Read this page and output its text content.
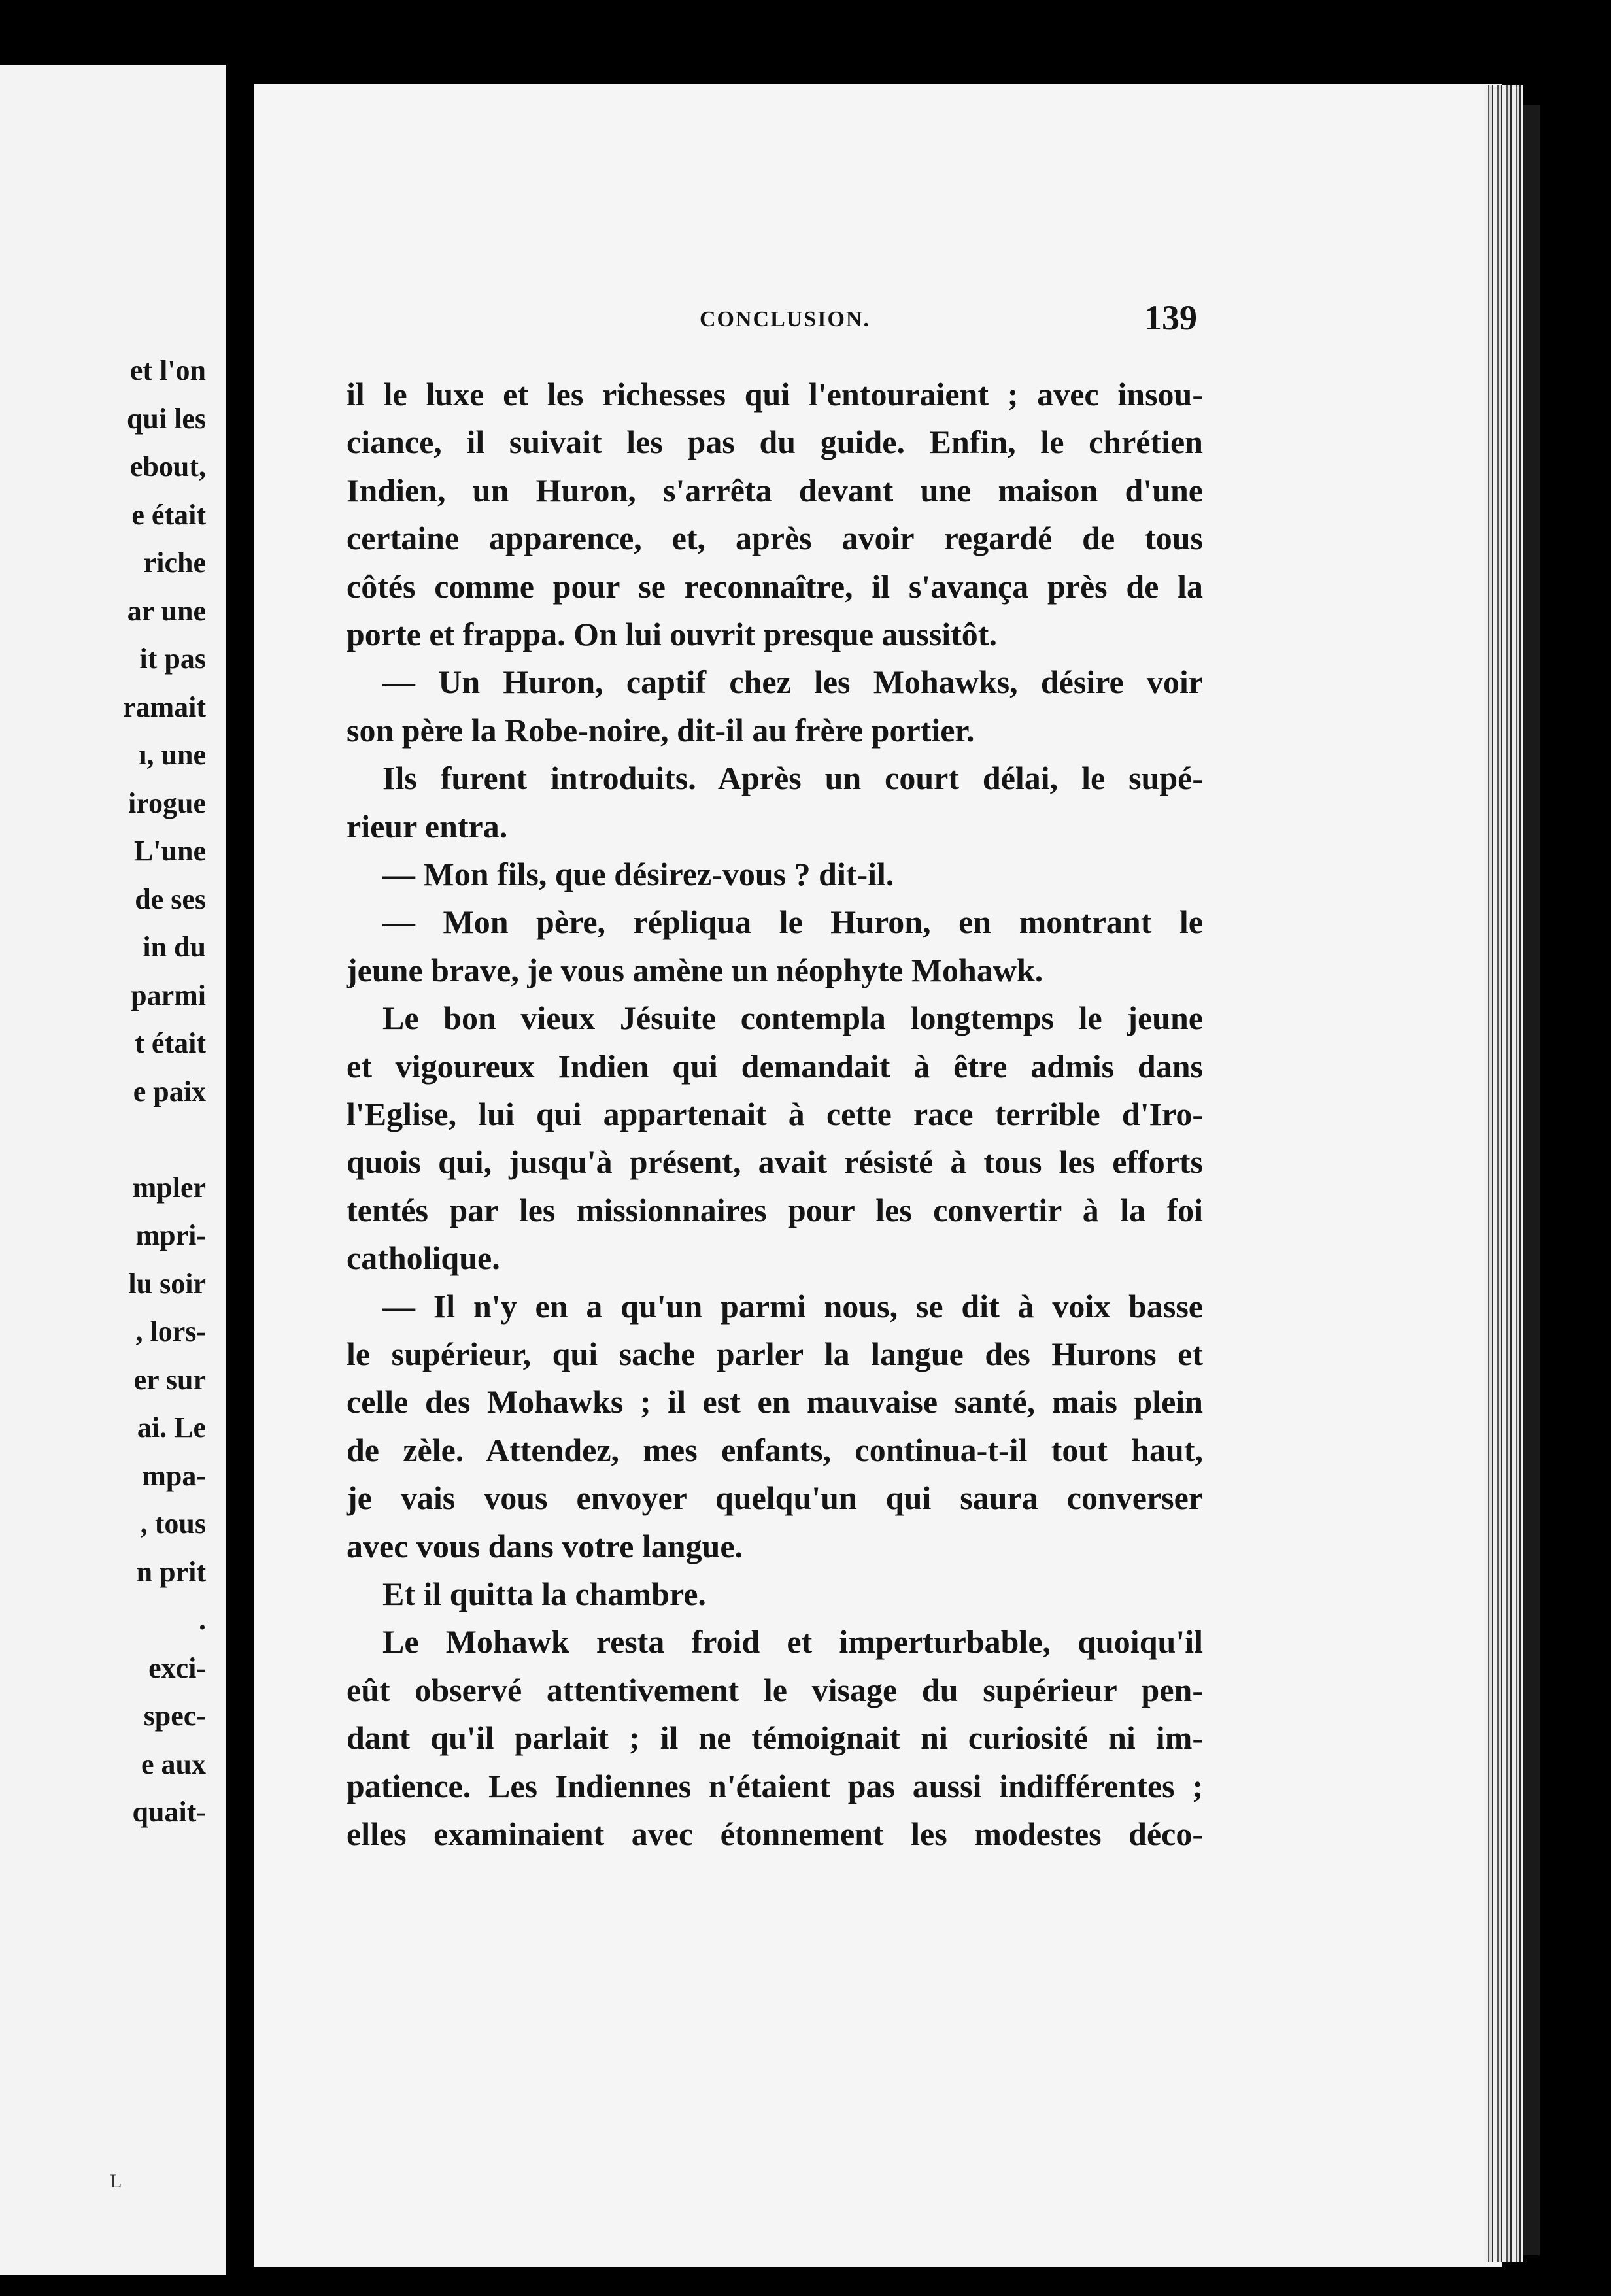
et l'on
qui les
ebout,
e était
riche
ar une
it pas
ramait
ı, une
irogue
L'une
de ses
in du
parmi
t était
e paix
mpler
mpri-
lu soir
, lors-
er sur
ai. Le
mpa-
, tous
n prit
.
exci-
spec-
e aux
quait-
CONCLUSION.	139
il le luxe et les richesses qui l'entouraient ; avec insou-
ciance, il suivait les pas du guide. Enfin, le chrétien
Indien, un Huron, s'arrêta devant une maison d'une
certaine apparence, et, après avoir regardé de tous
côtés comme pour se reconnaître, il s'avança près de la
porte et frappa. On lui ouvrit presque aussitôt.
— Un Huron, captif chez les Mohawks, désire voir
son père la Robe-noire, dit-il au frère portier.
Ils furent introduits. Après un court délai, le supé-
rieur entra.
— Mon fils, que désirez-vous ? dit-il.
— Mon père, répliqua le Huron, en montrant le
jeune brave, je vous amène un néophyte Mohawk.
Le bon vieux Jésuite contempla longtemps le jeune
et vigoureux Indien qui demandait à être admis dans
l'Eglise, lui qui appartenait à cette race terrible d'Iro-
quois qui, jusqu'à présent, avait résisté à tous les efforts
tentés par les missionnaires pour les convertir à la foi
catholique.
— Il n'y en a qu'un parmi nous, se dit à voix basse
le supérieur, qui sache parler la langue des Hurons et
celle des Mohawks ; il est en mauvaise santé, mais plein
de zèle. Attendez, mes enfants, continua-t-il tout haut,
je vais vous envoyer quelqu'un qui saura converser
avec vous dans votre langue.
Et il quitta la chambre.
Le Mohawk resta froid et imperturbable, quoiqu'il
eût observé attentivement le visage du supérieur pen-
dant qu'il parlait ; il ne témoignait ni curiosité ni im-
patience. Les Indiennes n'étaient pas aussi indifférentes ;
elles examinaient avec étonnement les modestes déco-
L
